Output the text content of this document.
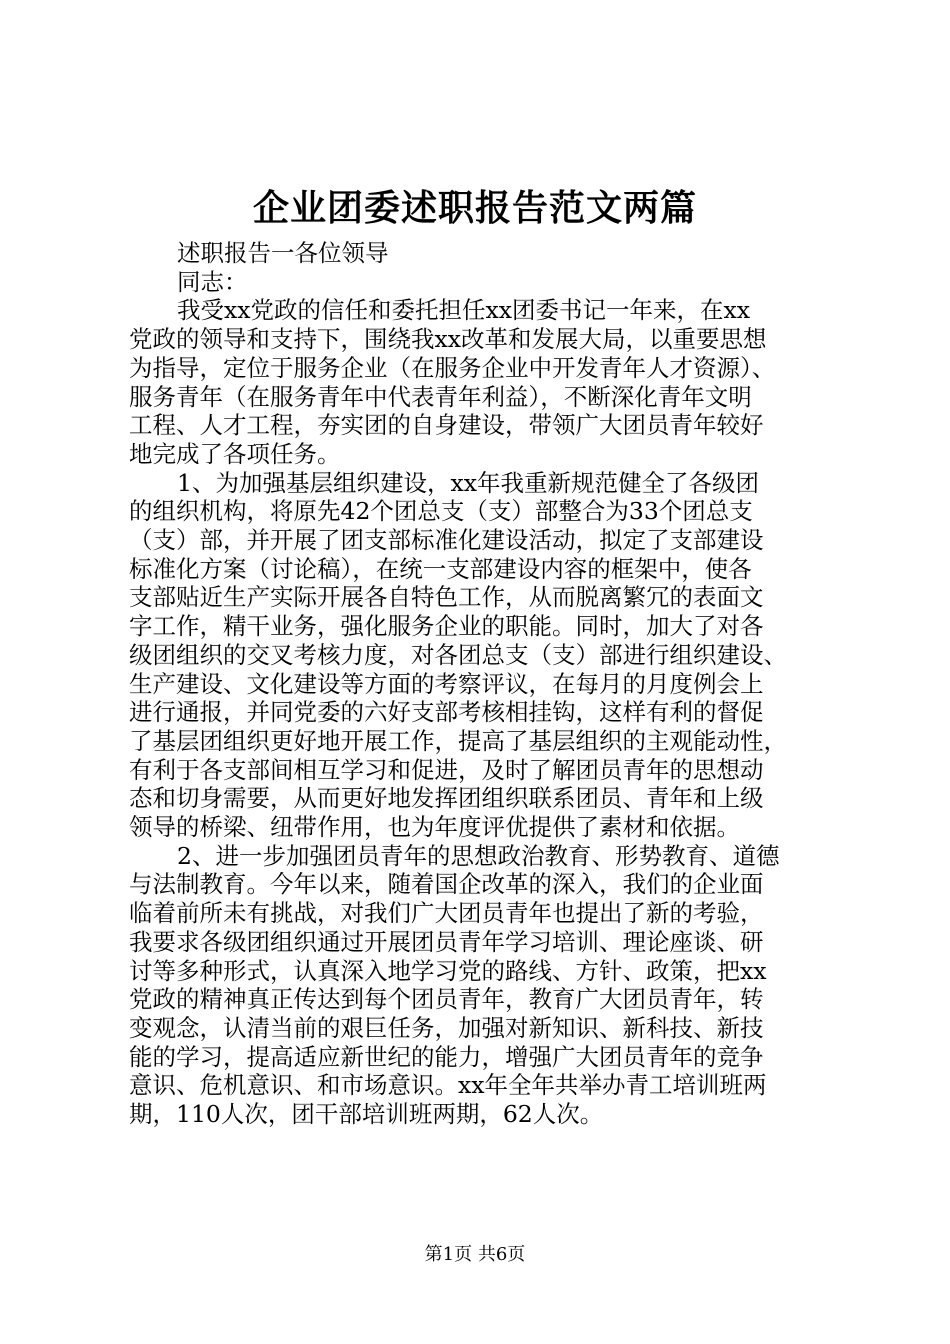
企业团委述职报告范文两篇
述职报告一各位领导
同志：

我受xx党政的信任和委托担任xx团委书记一年来，在xx
党政的领导和支持下，围绕我xx改革和发展大局，以重要思想
为指导，定位于服务企业（在服务企业中开发青年人才资源）、
服务青年（在服务青年中代表青年利益），不断深化青年文明
工程、人才工程，夯实团的自身建设，带领广大团员青年较好
地完成了各项任务。

1、为加强基层组织建设，xx年我重新规范健全了各级团
的组织机构，将原先42个团总支（支）部整合为33个团总支
（支）部，并开展了团支部标准化建设活动，拟定了支部建设
标准化方案（讨论稿），在统一支部建设内容的框架中，使各
支部贴近生产实际开展各自特色工作，从而脱离繁冗的表面文
字工作，精干业务，强化服务企业的职能。同时，加大了对各
级团组织的交叉考核力度，对各团总支（支）部进行组织建设、
生产建设、文化建设等方面的考察评议，在每月的月度例会上
进行通报，并同党委的六好支部考核相挂钩，这样有利的督促
了基层团组织更好地开展工作，提高了基层组织的主观能动性，
有利于各支部间相互学习和促进，及时了解团员青年的思想动
态和切身需要，从而更好地发挥团组织联系团员、青年和上级
领导的桥梁、纽带作用，也为年度评优提供了素材和依据。

2、进一步加强团员青年的思想政治教育、形势教育、道德
与法制教育。今年以来，随着国企改革的深入，我们的企业面
临着前所未有挑战，对我们广大团员青年也提出了新的考验，
我要求各级团组织通过开展团员青年学习培训、理论座谈、研
讨等多种形式，认真深入地学习党的路线、方针、政策，把xx
党政的精神真正传达到每个团员青年，教育广大团员青年，转
变观念，认清当前的艰巨任务，加强对新知识、新科技、新技
能的学习，提高适应新世纪的能力，增强广大团员青年的竞争
意识、危机意识、和市场意识。xx年全年共举办青工培训班两
期，110人次，团干部培训班两期，62人次。

第1页 共6页
